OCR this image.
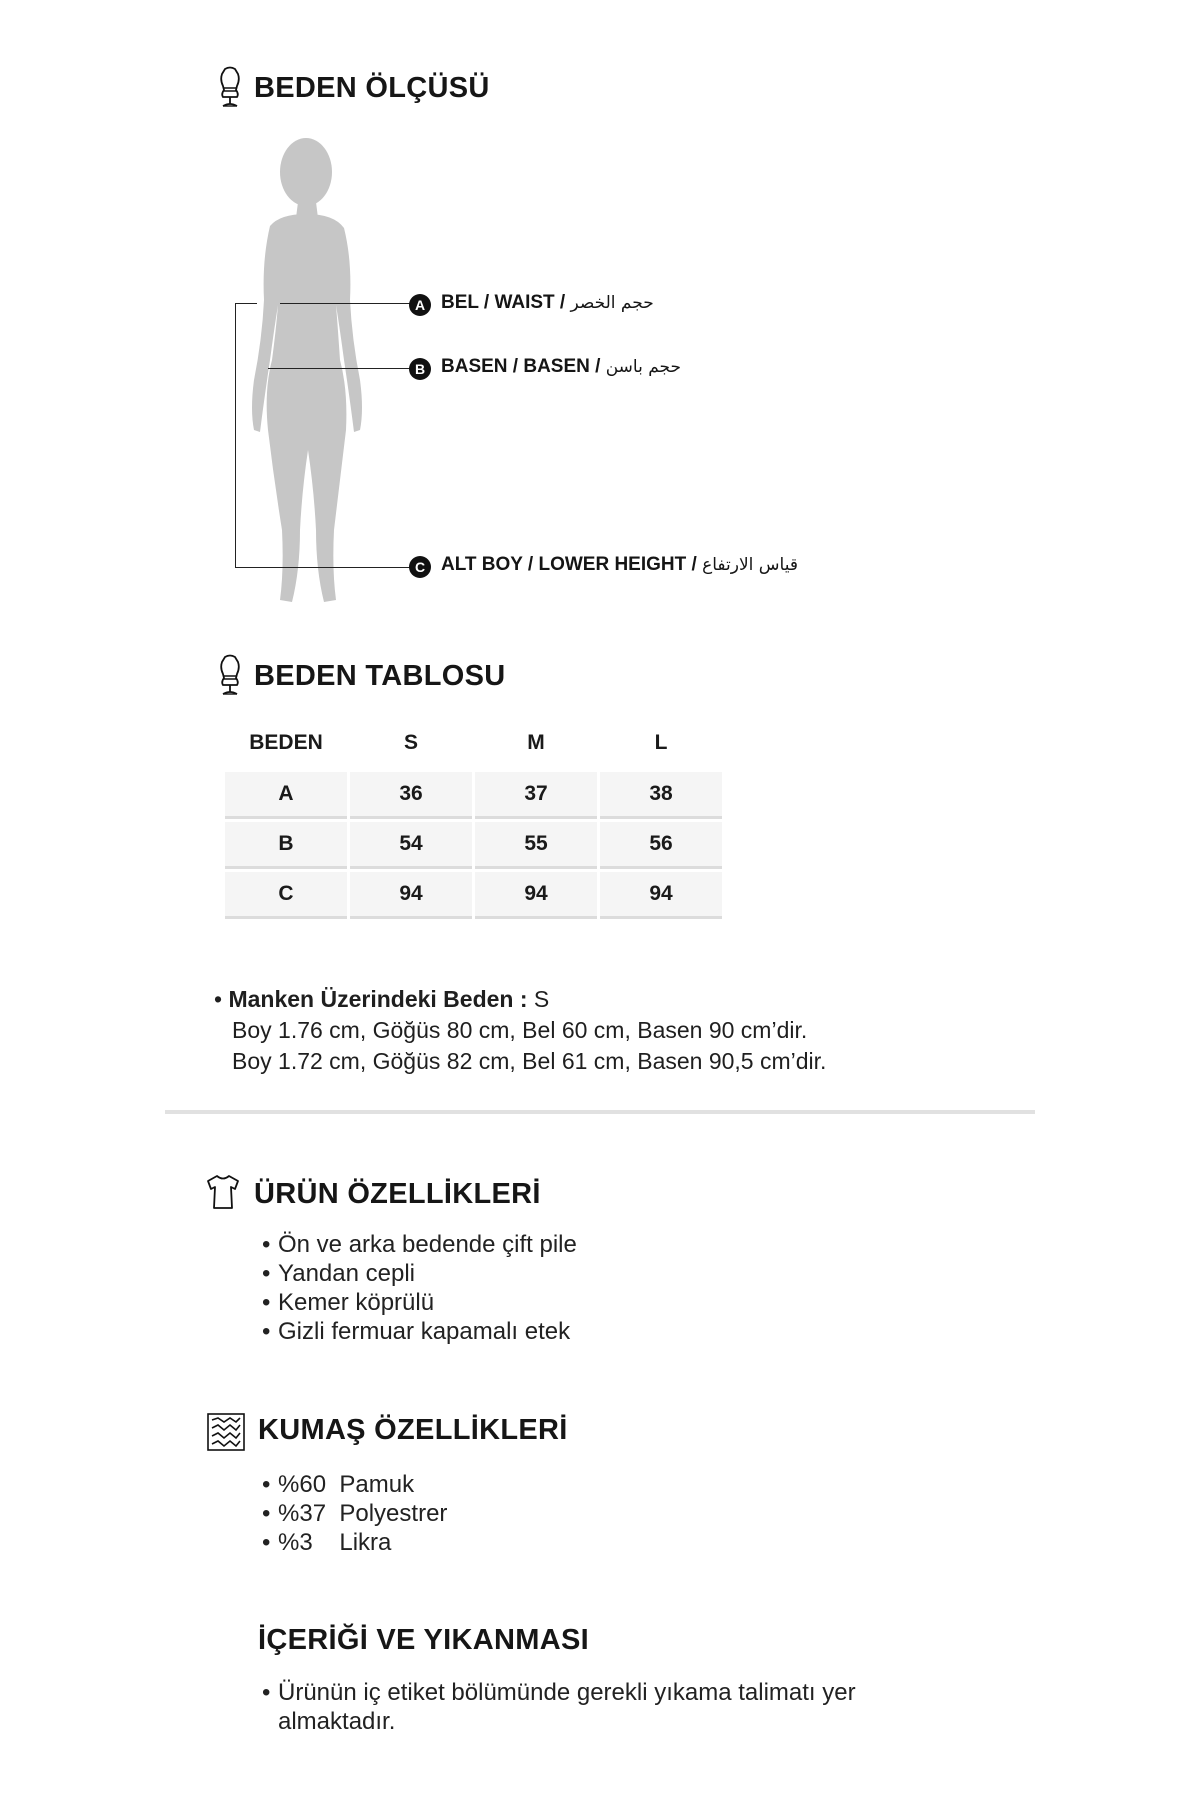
BEDEN ÖLÇÜSÜ
A BEL / WAIST / حجم الخصر
B BASEN / BASEN / حجم باسن
C ALT BOY / LOWER HEIGHT / قياس الارتفاع
BEDEN TABLOSU
BEDEN	S	M	L
A	36	37	38
B	54	55	56
C	94	94	94
• Manken Üzerindeki Beden : S
Boy 1.76 cm, Göğüs 80 cm, Bel 60 cm, Basen 90 cm’dir.
Boy 1.72 cm, Göğüs 82 cm, Bel 61 cm, Basen 90,5 cm’dir.
ÜRÜN ÖZELLİKLERİ
• Ön ve arka bedende çift pile
• Yandan cepli
• Kemer köprülü
• Gizli fermuar kapamalı etek
KUMAŞ ÖZELLİKLERİ
• %60  Pamuk
• %37  Polyestrer
• %3    Likra
İÇERİĞİ VE YIKANMASI
• Ürünün iç etiket bölümünde gerekli yıkama talimatı yer
almaktadır.
